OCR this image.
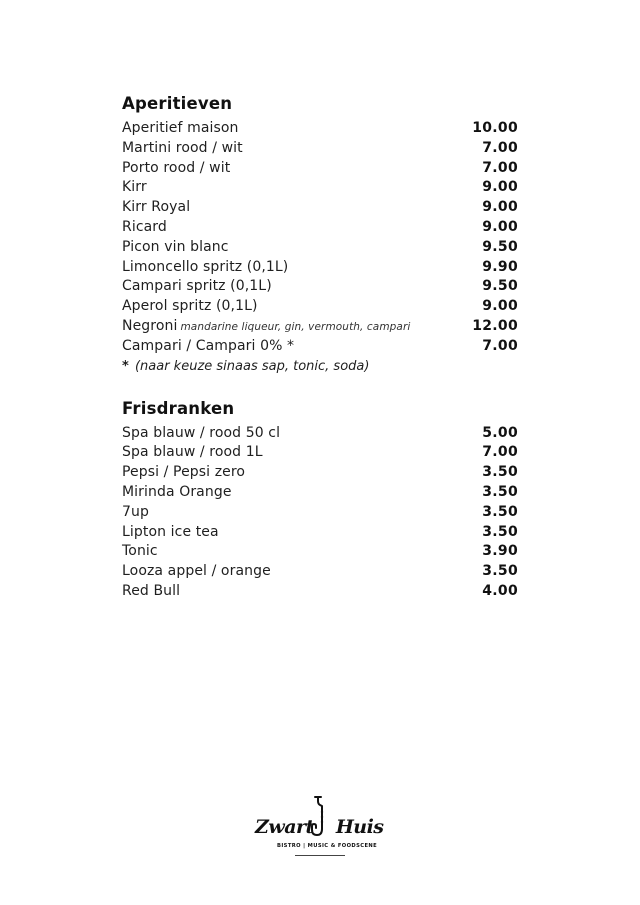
Aperitieven
Aperitief maison	10.00
Martini rood / wit	7.00
Porto rood / wit	7.00
Kirr	9.00
Kirr Royal	9.00
Ricard	9.00
Picon vin blanc	9.50
Limoncello spritz (0,1L)	9.90
Campari spritz (0,1L)	9.50
Aperol spritz (0,1L)	9.00
Negroni mandarine liqueur, gin, vermouth, campari	12.00
Campari / Campari 0% *	7.00
* (naar keuze sinaas sap, tonic, soda)
Frisdranken
Spa blauw / rood 50 cl	5.00
Spa blauw / rood 1L	7.00
Pepsi / Pepsi zero	3.50
Mirinda Orange	3.50
7up	3.50
Lipton ice tea	3.50
Tonic	3.90
Looza appel / orange	3.50
Red Bull	4.00
Zwart Huis
BISTRO | MUSIC & FOODSCENE
